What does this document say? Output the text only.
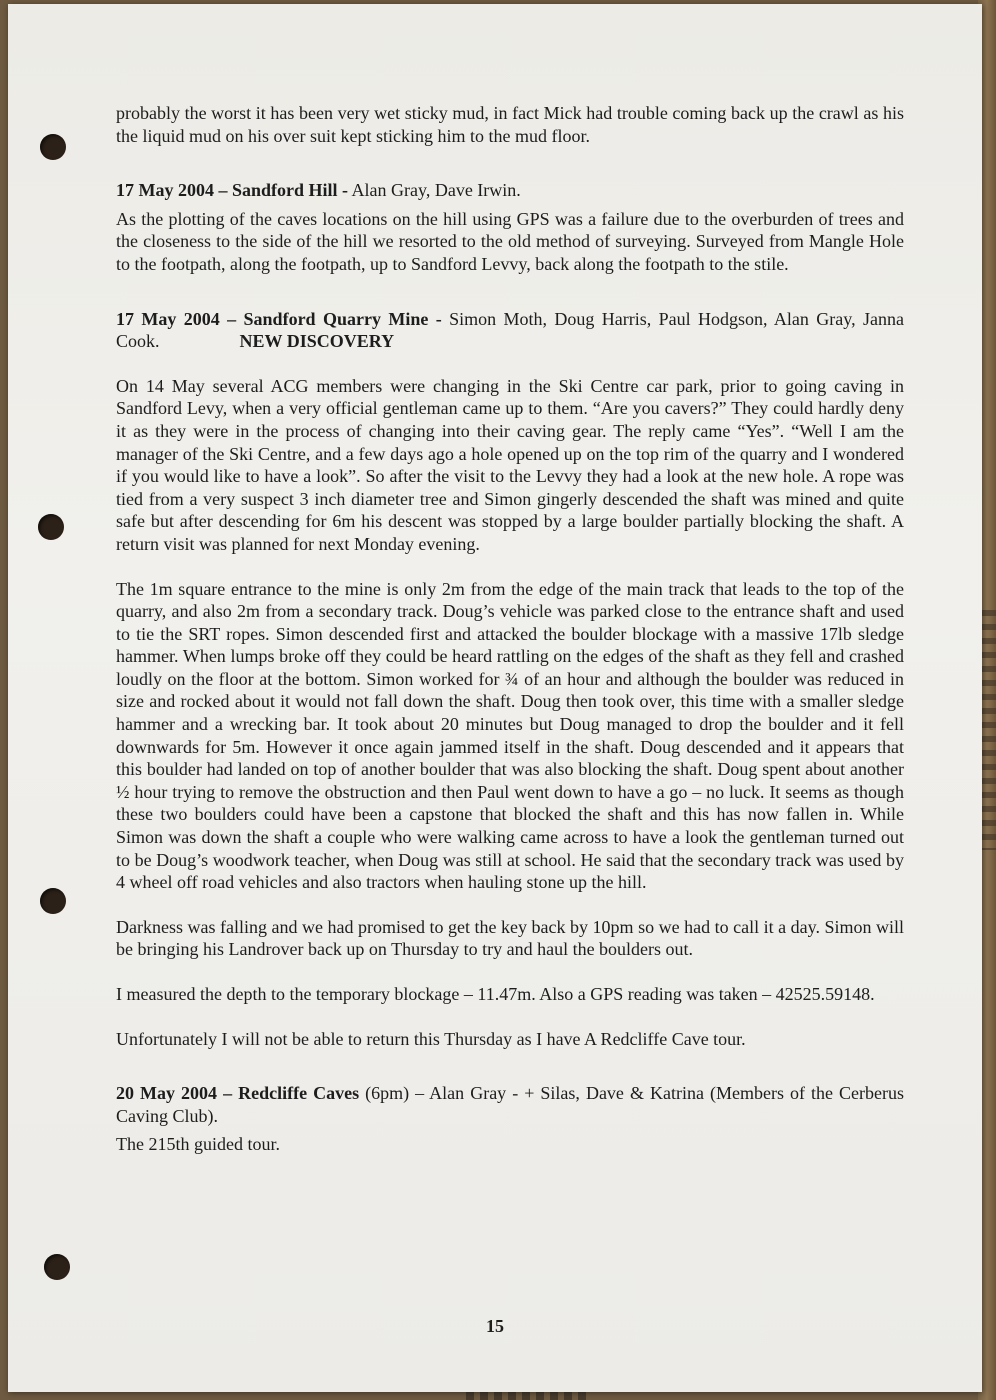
probably the worst it has been very wet sticky mud, in fact Mick had trouble coming back up the crawl as his the liquid mud on his over suit kept sticking him to the mud floor.

17 May 2004 – Sandford Hill - Alan Gray, Dave Irwin.

As the plotting of the caves locations on the hill using GPS was a failure due to the overburden of trees and the closeness to the side of the hill we resorted to the old method of surveying. Surveyed from Mangle Hole to the footpath, along the footpath, up to Sandford Levvy, back along the footpath to the stile.

17 May 2004 – Sandford Quarry Mine - Simon Moth, Doug Harris, Paul Hodgson, Alan Gray, Janna Cook.	NEW DISCOVERY

On 14 May several ACG members were changing in the Ski Centre car park, prior to going caving in Sandford Levy, when a very official gentleman came up to them. “Are you cavers?” They could hardly deny it as they were in the process of changing into their caving gear. The reply came “Yes”. “Well I am the manager of the Ski Centre, and a few days ago a hole opened up on the top rim of the quarry and I wondered if you would like to have a look”. So after the visit to the Levvy they had a look at the new hole. A rope was tied from a very suspect 3 inch diameter tree and Simon gingerly descended the shaft was mined and quite safe but after descending for 6m his descent was stopped by a large boulder partially blocking the shaft. A return visit was planned for next Monday evening.

The 1m square entrance to the mine is only 2m from the edge of the main track that leads to the top of the quarry, and also 2m from a secondary track. Doug’s vehicle was parked close to the entrance shaft and used to tie the SRT ropes. Simon descended first and attacked the boulder blockage with a massive 17lb sledge hammer. When lumps broke off they could be heard rattling on the edges of the shaft as they fell and crashed loudly on the floor at the bottom. Simon worked for ¾ of an hour and although the boulder was reduced in size and rocked about it would not fall down the shaft. Doug then took over, this time with a smaller sledge hammer and a wrecking bar. It took about 20 minutes but Doug managed to drop the boulder and it fell downwards for 5m. However it once again jammed itself in the shaft. Doug descended and it appears that this boulder had landed on top of another boulder that was also blocking the shaft. Doug spent about another ½ hour trying to remove the obstruction and then Paul went down to have a go – no luck. It seems as though these two boulders could have been a capstone that blocked the shaft and this has now fallen in. While Simon was down the shaft a couple who were walking came across to have a look the gentleman turned out to be Doug’s woodwork teacher, when Doug was still at school. He said that the secondary track was used by 4 wheel off road vehicles and also tractors when hauling stone up the hill.

Darkness was falling and we had promised to get the key back by 10pm so we had to call it a day. Simon will be bringing his Landrover back up on Thursday to try and haul the boulders out.

I measured the depth to the temporary blockage – 11.47m. Also a GPS reading was taken – 42525.59148.

Unfortunately I will not be able to return this Thursday as I have A Redcliffe Cave tour.

20 May 2004 – Redcliffe Caves (6pm) – Alan Gray - + Silas, Dave & Katrina (Members of the Cerberus Caving Club).

The 215th guided tour.

15
